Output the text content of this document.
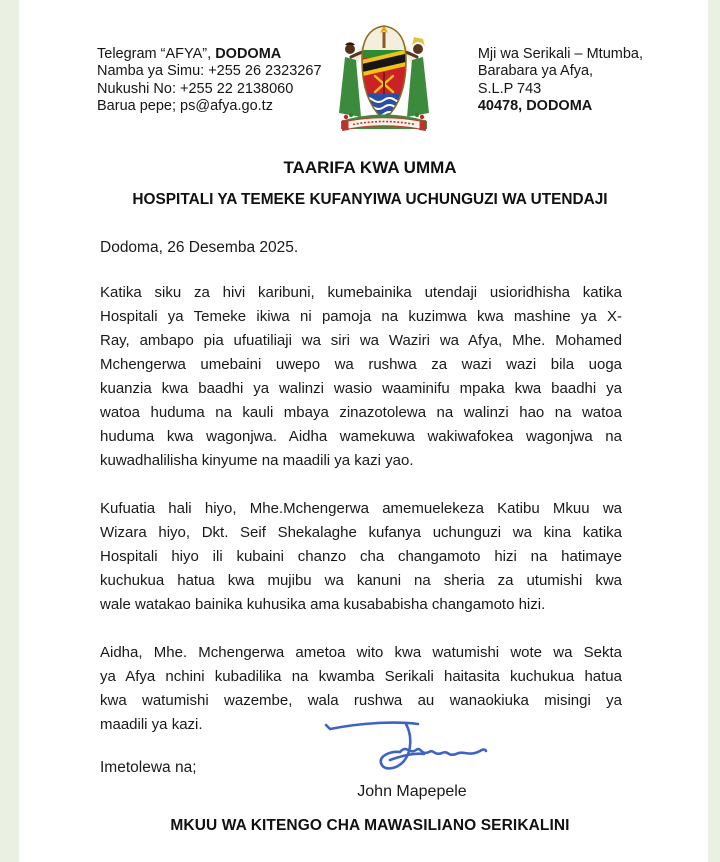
Telegram “AFYA”, DODOMA
Namba ya Simu: +255 26 2323267
Nukushi No: +255 22 2138060
Barua pepe; ps@afya.go.tz
Mji wa Serikali – Mtumba,
Barabara ya Afya,
S.L.P 743
40478, DODOMA
TAARIFA KWA UMMA
HOSPITALI YA TEMEKE KUFANYIWA UCHUNGUZI WA UTENDAJI
Dodoma, 26 Desemba 2025.
Katika siku za hivi karibuni, kumebainika utendaji usioridhisha katika
Hospitali ya Temeke ikiwa ni pamoja na kuzimwa kwa mashine ya X-
Ray, ambapo pia ufuatiliaji wa siri wa Waziri wa Afya, Mhe. Mohamed
Mchengerwa umebaini uwepo wa rushwa za wazi wazi bila uoga
kuanzia kwa baadhi ya walinzi wasio waaminifu mpaka kwa baadhi ya
watoa huduma na kauli mbaya zinazotolewa na walinzi hao na watoa
huduma kwa wagonjwa. Aidha wamekuwa wakiwafokea wagonjwa na
kuwadhalilisha kinyume na maadili ya kazi yao.
Kufuatia hali hiyo, Mhe.Mchengerwa amemuelekeza Katibu Mkuu wa
Wizara hiyo, Dkt. Seif Shekalaghe kufanya uchunguzi wa kina katika
Hospitali hiyo ili kubaini chanzo cha changamoto hizi na hatimaye
kuchukua hatua kwa mujibu wa kanuni na sheria za utumishi kwa
wale watakao bainika kuhusika ama kusababisha changamoto hizi.
Aidha, Mhe. Mchengerwa ametoa wito kwa watumishi wote wa Sekta
ya Afya nchini kubadilika na kwamba Serikali haitasita kuchukua hatua
kwa watumishi wazembe, wala rushwa au wanaokiuka misingi ya
maadili ya kazi.
Imetolewa na;
John Mapepele
MKUU WA KITENGO CHA MAWASILIANO SERIKALINI
